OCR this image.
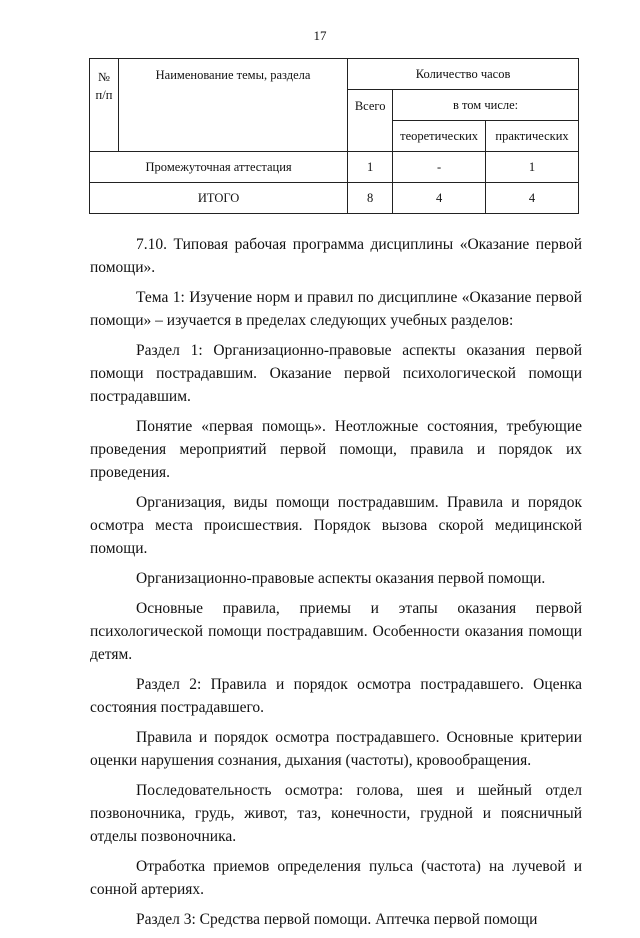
17
№ п/п	Наименование темы, раздела	Количество часов		
		Всего	в том числе:	
			теоретических	практических
Промежуточная аттестация		1	-	1
ИТОГО		8	4	4

7.10. Типовая рабочая программа дисциплины «Оказание первой помощи».

Тема 1: Изучение норм и правил по дисциплине «Оказание первой помощи» – изучается в пределах следующих учебных разделов:

Раздел 1: Организационно-правовые аспекты оказания первой помощи пострадавшим. Оказание первой психологической помощи пострадавшим.

Понятие «первая помощь». Неотложные состояния, требующие проведения мероприятий первой помощи, правила и порядок их проведения.

Организация, виды помощи пострадавшим. Правила и порядок осмотра места происшествия. Порядок вызова скорой медицинской помощи.

Организационно-правовые аспекты оказания первой помощи.

Основные правила, приемы и этапы оказания первой психологической помощи пострадавшим. Особенности оказания помощи детям.

Раздел 2: Правила и порядок осмотра пострадавшего. Оценка состояния пострадавшего.

Правила и порядок осмотра пострадавшего. Основные критерии оценки нарушения сознания, дыхания (частоты), кровообращения.

Последовательность осмотра: голова, шея и шейный отдел позвоночника, грудь, живот, таз, конечности, грудной и поясничный отделы позвоночника.

Отработка приемов определения пульса (частота) на лучевой и сонной артериях.

Раздел 3: Средства первой помощи. Аптечка первой помощи
